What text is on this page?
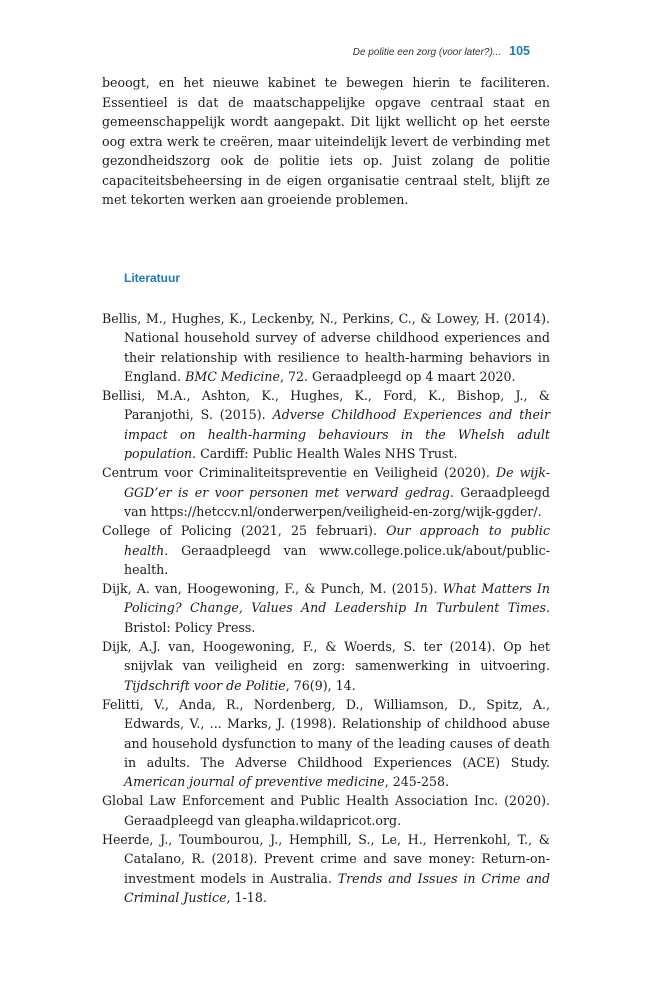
De politie een zorg (voor later?)... 105

beoogt, en het nieuwe kabinet te bewegen hierin te faciliteren. Essentieel is dat de maatschappelijke opgave centraal staat en gemeenschappelijk wordt aangepakt. Dit lijkt wellicht op het eerste oog extra werk te creëren, maar uiteindelijk levert de verbinding met gezondheidszorg ook de politie iets op. Juist zolang de politie capaciteitsbeheersing in de eigen organisatie centraal stelt, blijft ze met tekorten werken aan groeiende problemen.

Literatuur
Bellis, M., Hughes, K., Leckenby, N., Perkins, C., & Lowey, H. (2014). National household survey of adverse childhood experiences and their relationship with resilience to health-harming behaviors in England. BMC Medicine, 72. Geraadpleegd op 4 maart 2020.
Bellisi, M.A., Ashton, K., Hughes, K., Ford, K., Bishop, J., & Paranjothi, S. (2015). Adverse Childhood Experiences and their impact on health-harming behaviours in the Whelsh adult population. Cardiff: Public Health Wales NHS Trust.
Centrum voor Criminaliteitspreventie en Veiligheid (2020). De wijk-GGD’er is er voor personen met verward gedrag. Geraadpleegd van https://hetccv.nl/onderwerpen/veiligheid-en-zorg/wijk-ggder/.
College of Policing (2021, 25 februari). Our approach to public health. Geraadpleegd van www.college.police.uk/about/public-health.
Dijk, A. van, Hoogewoning, F., & Punch, M. (2015). What Matters In Policing? Change, Values And Leadership In Turbulent Times. Bristol: Policy Press.
Dijk, A.J. van, Hoogewoning, F., & Woerds, S. ter (2014). Op het snijvlak van veiligheid en zorg: samenwerking in uitvoering. Tijdschrift voor de Politie, 76(9), 14.
Felitti, V., Anda, R., Nordenberg, D., Williamson, D., Spitz, A., Edwards, V., ... Marks, J. (1998). Relationship of childhood abuse and household dysfunction to many of the leading causes of death in adults. The Adverse Childhood Experiences (ACE) Study. American journal of preventive medicine, 245-258.
Global Law Enforcement and Public Health Association Inc. (2020). Geraadpleegd van gleapha.wildapricot.org.
Heerde, J., Toumbourou, J., Hemphill, S., Le, H., Herrenkohl, T., & Catalano, R. (2018). Prevent crime and save money: Return-on-investment models in Australia. Trends and Issues in Crime and Criminal Justice, 1-18.
